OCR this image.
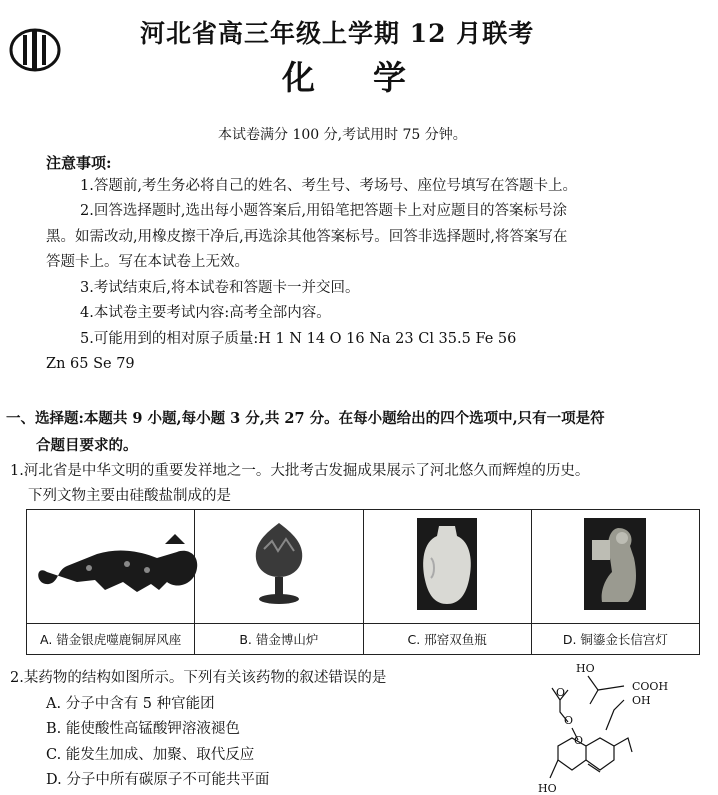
河北省高三年级上学期 12 月联考
化学
本试卷满分 100 分,考试用时 75 分钟。
注意事项:
1.答题前,考生务必将自己的姓名、考生号、考场号、座位号填写在答题卡上。
2.回答选择题时,选出每小题答案后,用铅笔把答题卡上对应题目的答案标号涂
黑。如需改动,用橡皮擦干净后,再选涂其他答案标号。回答非选择题时,将答案写在
答题卡上。写在本试卷上无效。
3.考试结束后,将本试卷和答题卡一并交回。
4.本试卷主要考试内容:高考全部内容。
5.可能用到的相对原子质量:H 1 N 14 O 16 Na 23 Cl 35.5 Fe 56
Zn 65 Se 79
一、选择题:本题共 9 小题,每小题 3 分,共 27 分。在每小题给出的四个选项中,只有一项是符
合题目要求的。
1.河北省是中华文明的重要发祥地之一。大批考古发掘成果展示了河北悠久而辉煌的历史。
下列文物主要由硅酸盐制成的是

A. 错金银虎噬鹿铜屏风座	B. 错金博山炉	C. 邢窑双鱼瓶	D. 铜鎏金长信宫灯
2.某药物的结构如图所示。下列有关该药物的叙述错误的是
A. 分子中含有 5 种官能团
B. 能使酸性高锰酸钾溶液褪色
C. 能发生加成、加聚、取代反应
D. 分子中所有碳原子不可能共平面
HO
COOH
OH
O
O
O
HO
